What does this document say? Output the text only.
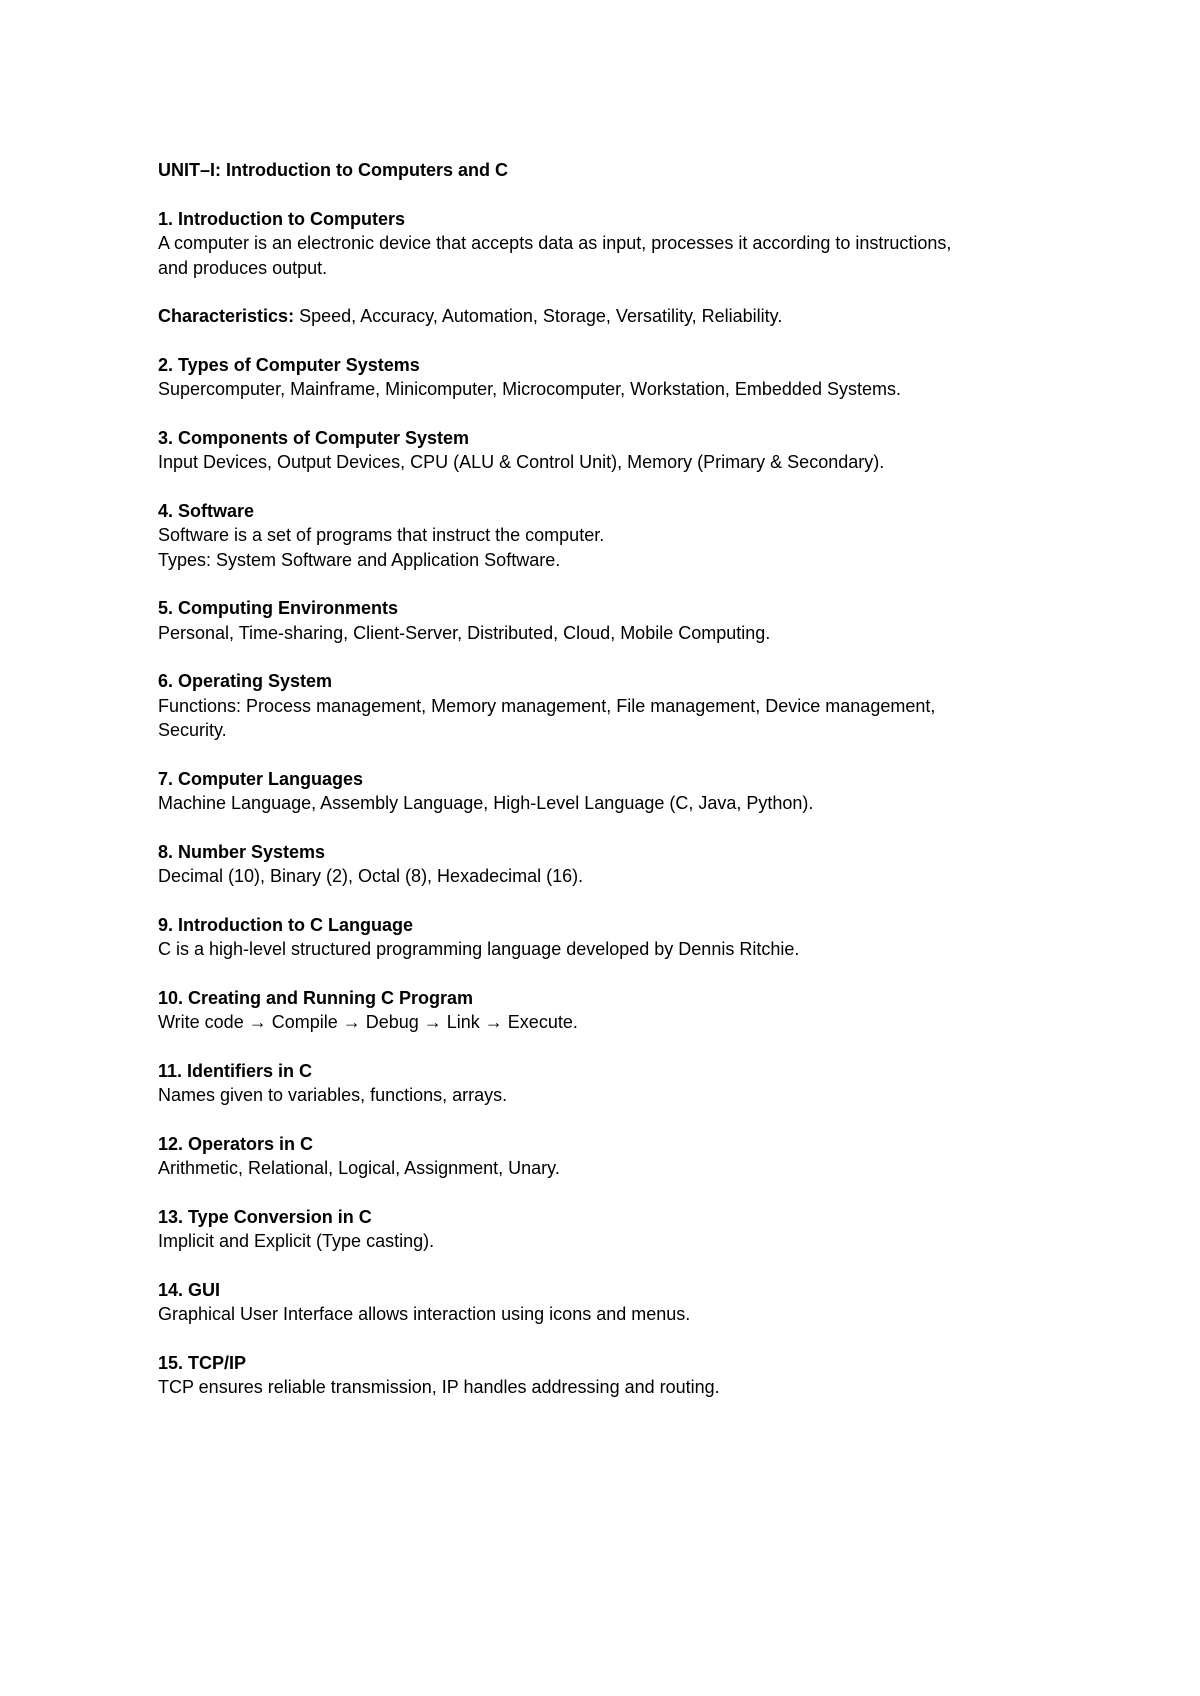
UNIT–I: Introduction to Computers and C
1. Introduction to Computers
A computer is an electronic device that accepts data as input, processes it according to instructions,
and produces output.
Characteristics: Speed, Accuracy, Automation, Storage, Versatility, Reliability.
2. Types of Computer Systems
Supercomputer, Mainframe, Minicomputer, Microcomputer, Workstation, Embedded Systems.
3. Components of Computer System
Input Devices, Output Devices, CPU (ALU & Control Unit), Memory (Primary & Secondary).
4. Software
Software is a set of programs that instruct the computer.
Types: System Software and Application Software.
5. Computing Environments
Personal, Time-sharing, Client-Server, Distributed, Cloud, Mobile Computing.
6. Operating System
Functions: Process management, Memory management, File management, Device management,
Security.
7. Computer Languages
Machine Language, Assembly Language, High-Level Language (C, Java, Python).
8. Number Systems
Decimal (10), Binary (2), Octal (8), Hexadecimal (16).
9. Introduction to C Language
C is a high-level structured programming language developed by Dennis Ritchie.
10. Creating and Running C Program
Write code → Compile → Debug → Link → Execute.
11. Identifiers in C
Names given to variables, functions, arrays.
12. Operators in C
Arithmetic, Relational, Logical, Assignment, Unary.
13. Type Conversion in C
Implicit and Explicit (Type casting).
14. GUI
Graphical User Interface allows interaction using icons and menus.
15. TCP/IP
TCP ensures reliable transmission, IP handles addressing and routing.
